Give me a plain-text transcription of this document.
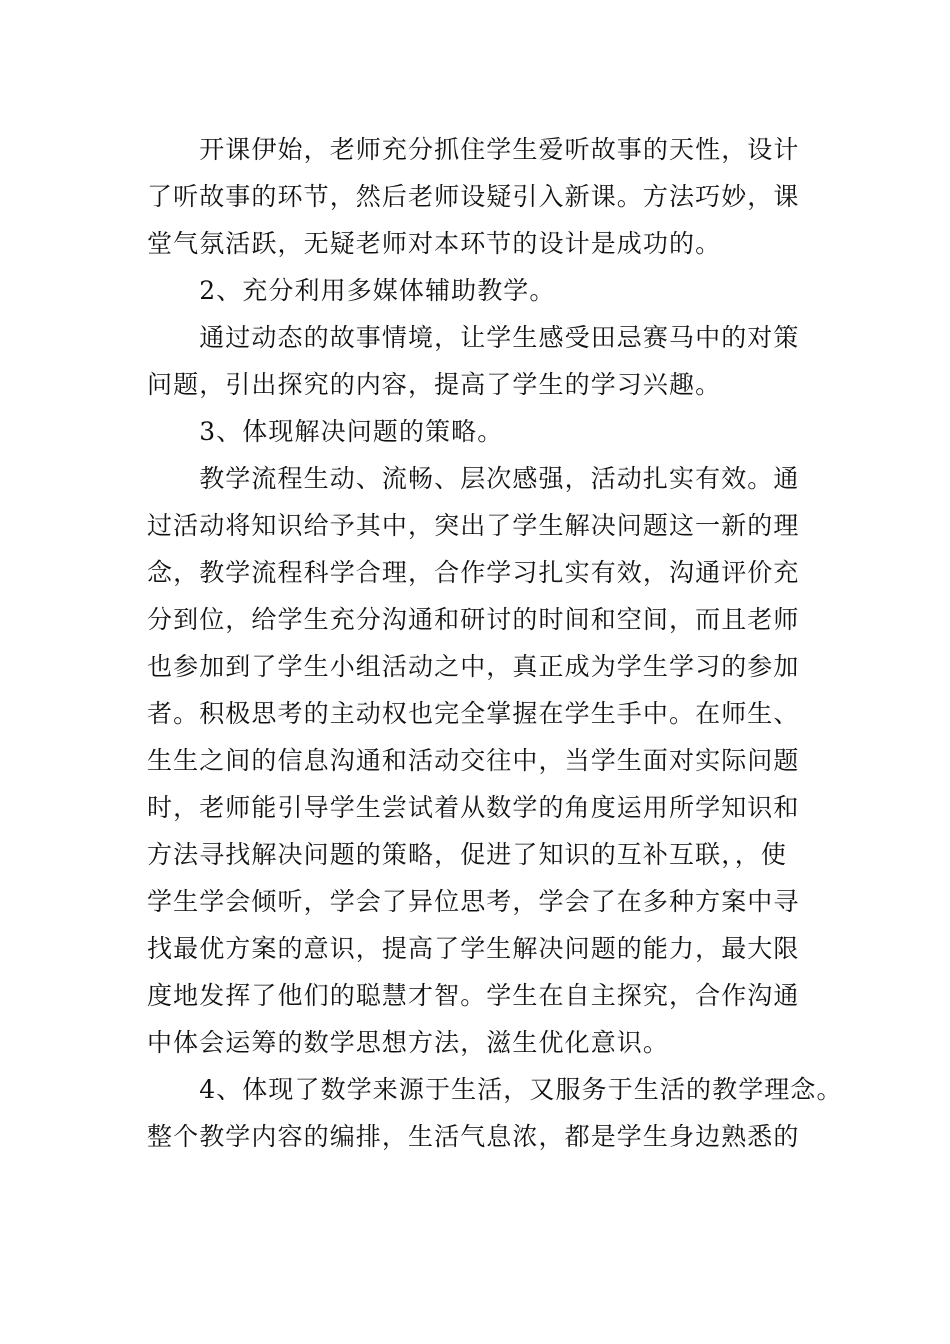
　　开课伊始，老师充分抓住学生爱听故事的天性，设计
了听故事的环节，然后老师设疑引入新课。方法巧妙，课
堂气氛活跃，无疑老师对本环节的设计是成功的。
　　2、充分利用多媒体辅助教学。
　　通过动态的故事情境，让学生感受田忌赛马中的对策
问题，引出探究的内容，提高了学生的学习兴趣。
　　3、体现解决问题的策略。
　　教学流程生动、流畅、层次感强，活动扎实有效。通
过活动将知识给予其中，突出了学生解决问题这一新的理
念，教学流程科学合理，合作学习扎实有效，沟通评价充
分到位，给学生充分沟通和研讨的时间和空间，而且老师
也参加到了学生小组活动之中，真正成为学生学习的参加
者。积极思考的主动权也完全掌握在学生手中。在师生、
生生之间的信息沟通和活动交往中，当学生面对实际问题
时，老师能引导学生尝试着从数学的角度运用所学知识和
方法寻找解决问题的策略，促进了知识的互补互联，，使
学生学会倾听，学会了异位思考，学会了在多种方案中寻
找最优方案的意识，提高了学生解决问题的能力，最大限
度地发挥了他们的聪慧才智。学生在自主探究，合作沟通
中体会运筹的数学思想方法，滋生优化意识。
　　4、体现了数学来源于生活，又服务于生活的教学理念。
整个教学内容的编排，生活气息浓，都是学生身边熟悉的
